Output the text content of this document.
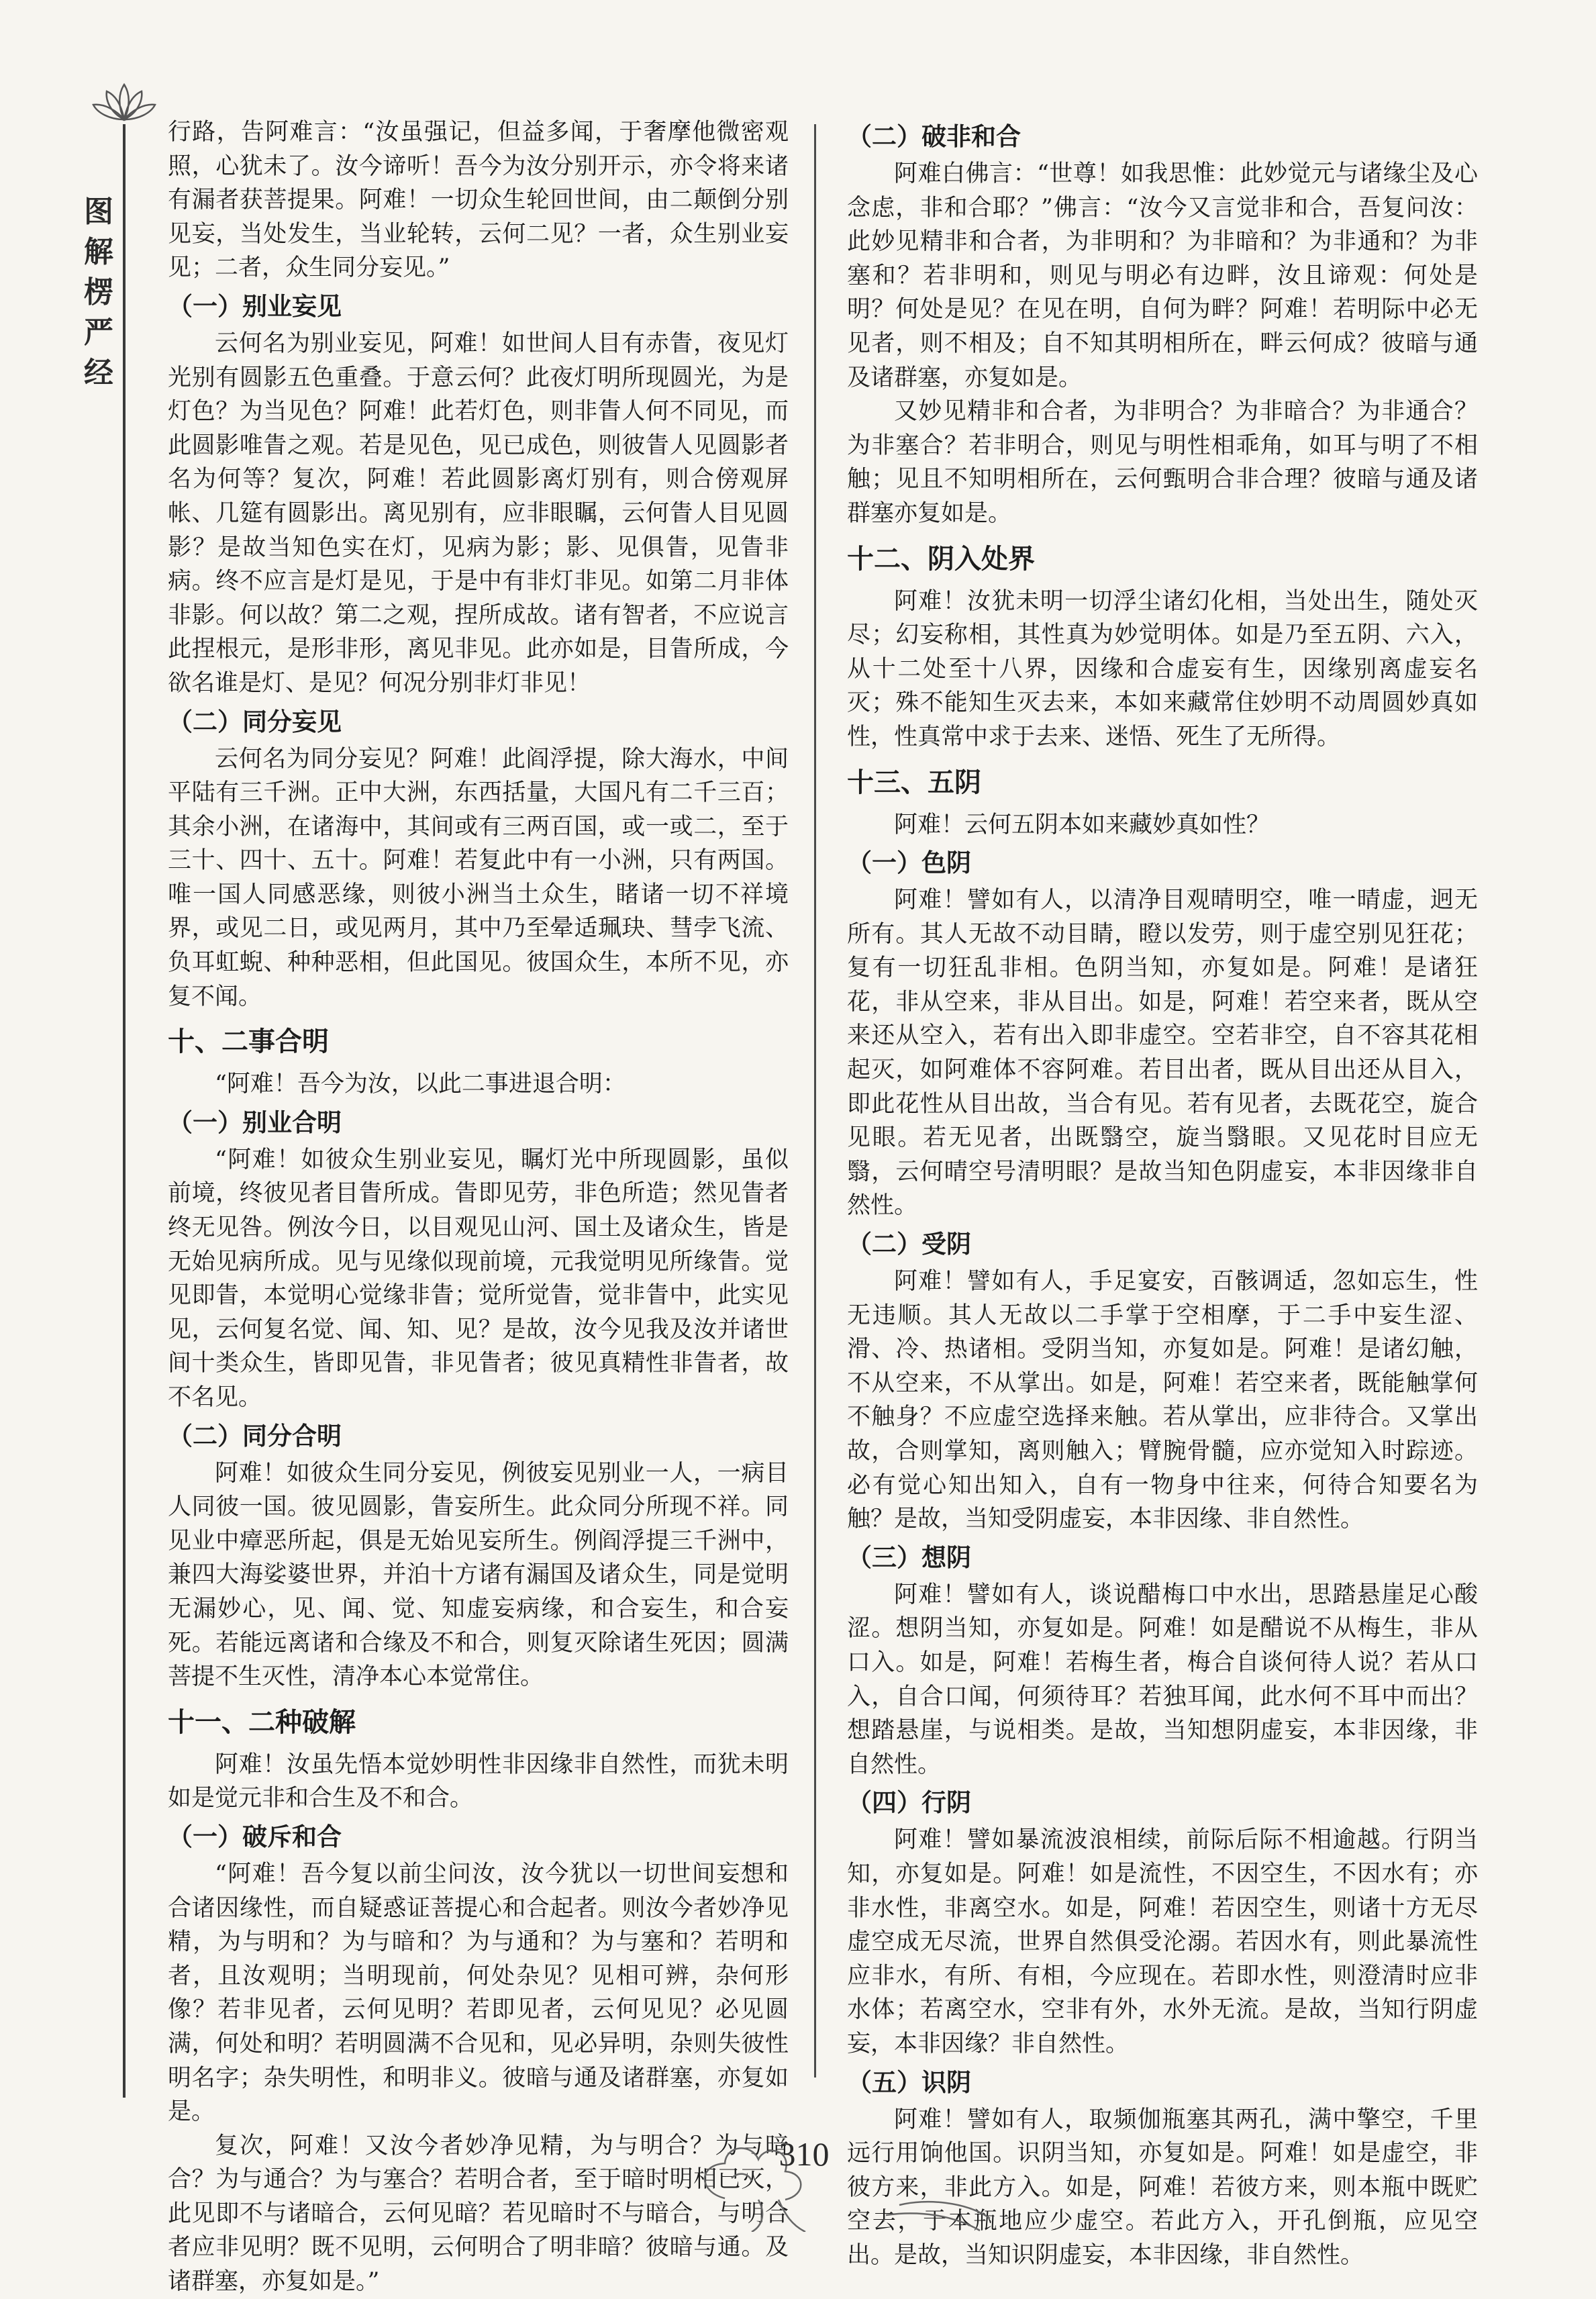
图解楞严经

行路，告阿难言：“汝虽强记，但益多闻，于奢摩他微密观照，心犹未了。汝今谛听！吾今为汝分别开示，亦令将来诸有漏者获菩提果。阿难！一切众生轮回世间，由二颠倒分别见妄，当处发生，当业轮转，云何二见？一者，众生别业妄见；二者，众生同分妄见。”

（一）别业妄见

云何名为别业妄见，阿难！如世间人目有赤眚，夜见灯光别有圆影五色重叠。于意云何？此夜灯明所现圆光，为是灯色？为当见色？阿难！此若灯色，则非眚人何不同见，而此圆影唯眚之观。若是见色，见已成色，则彼眚人见圆影者名为何等？复次，阿难！若此圆影离灯别有，则合傍观屏帐、几筵有圆影出。离见别有，应非眼瞩，云何眚人目见圆影？是故当知色实在灯，见病为影；影、见俱眚，见眚非病。终不应言是灯是见，于是中有非灯非见。如第二月非体非影。何以故？第二之观，捏所成故。诸有智者，不应说言此捏根元，是形非形，离见非见。此亦如是，目眚所成，今欲名谁是灯、是见？何况分别非灯非见！

（二）同分妄见

云何名为同分妄见？阿难！此阎浮提，除大海水，中间平陆有三千洲。正中大洲，东西括量，大国凡有二千三百；其余小洲，在诸海中，其间或有三两百国，或一或二，至于三十、四十、五十。阿难！若复此中有一小洲，只有两国。唯一国人同感恶缘，则彼小洲当土众生，睹诸一切不祥境界，或见二日，或见两月，其中乃至晕适珮玦、彗孛飞流、负耳虹蜺、种种恶相，但此国见。彼国众生，本所不见，亦复不闻。

十、二事合明

“阿难！吾今为汝，以此二事进退合明：

（一）别业合明

“阿难！如彼众生别业妄见，瞩灯光中所现圆影，虽似前境，终彼见者目眚所成。眚即见劳，非色所造；然见眚者终无见咎。例汝今日，以目观见山河、国土及诸众生，皆是无始见病所成。见与见缘似现前境，元我觉明见所缘眚。觉见即眚，本觉明心觉缘非眚；觉所觉眚，觉非眚中，此实见见，云何复名觉、闻、知、见？是故，汝今见我及汝并诸世间十类众生，皆即见眚，非见眚者；彼见真精性非眚者，故不名见。

（二）同分合明

阿难！如彼众生同分妄见，例彼妄见别业一人，一病目人同彼一国。彼见圆影，眚妄所生。此众同分所现不祥。同见业中瘴恶所起，俱是无始见妄所生。例阎浮提三千洲中，兼四大海娑婆世界，并泊十方诸有漏国及诸众生，同是觉明无漏妙心，见、闻、觉、知虚妄病缘，和合妄生，和合妄死。若能远离诸和合缘及不和合，则复灭除诸生死因；圆满菩提不生灭性，清净本心本觉常住。

十一、二种破解

阿难！汝虽先悟本觉妙明性非因缘非自然性，而犹未明如是觉元非和合生及不和合。

（一）破斥和合

“阿难！吾今复以前尘问汝，汝今犹以一切世间妄想和合诸因缘性，而自疑惑证菩提心和合起者。则汝今者妙净见精，为与明和？为与暗和？为与通和？为与塞和？若明和者，且汝观明；当明现前，何处杂见？见相可辨，杂何形像？若非见者，云何见明？若即见者，云何见见？必见圆满，何处和明？若明圆满不合见和，见必异明，杂则失彼性明名字；杂失明性，和明非义。彼暗与通及诸群塞，亦复如是。

复次，阿难！又汝今者妙净见精，为与明合？为与暗合？为与通合？为与塞合？若明合者，至于暗时明相已灭，此见即不与诸暗合，云何见暗？若见暗时不与暗合，与明合者应非见明？既不见明，云何明合了明非暗？彼暗与通。及诸群塞，亦复如是。”

（二）破非和合

阿难白佛言：“世尊！如我思惟：此妙觉元与诸缘尘及心念虑，非和合耶？”佛言：“汝今又言觉非和合，吾复问汝：此妙见精非和合者，为非明和？为非暗和？为非通和？为非塞和？若非明和，则见与明必有边畔，汝且谛观：何处是明？何处是见？在见在明，自何为畔？阿难！若明际中必无见者，则不相及；自不知其明相所在，畔云何成？彼暗与通及诸群塞，亦复如是。

又妙见精非和合者，为非明合？为非暗合？为非通合？为非塞合？若非明合，则见与明性相乖角，如耳与明了不相触；见且不知明相所在，云何甄明合非合理？彼暗与通及诸群塞亦复如是。

十二、阴入处界

阿难！汝犹未明一切浮尘诸幻化相，当处出生，随处灭尽；幻妄称相，其性真为妙觉明体。如是乃至五阴、六入，从十二处至十八界，因缘和合虚妄有生，因缘别离虚妄名灭；殊不能知生灭去来，本如来藏常住妙明不动周圆妙真如性，性真常中求于去来、迷悟、死生了无所得。

十三、五阴

阿难！云何五阴本如来藏妙真如性？

（一）色阴

阿难！譬如有人，以清净目观晴明空，唯一晴虚，迥无所有。其人无故不动目睛，瞪以发劳，则于虚空别见狂花；复有一切狂乱非相。色阴当知，亦复如是。阿难！是诸狂花，非从空来，非从目出。如是，阿难！若空来者，既从空来还从空入，若有出入即非虚空。空若非空，自不容其花相起灭，如阿难体不容阿难。若目出者，既从目出还从目入，即此花性从目出故，当合有见。若有见者，去既花空，旋合见眼。若无见者，出既翳空，旋当翳眼。又见花时目应无翳，云何晴空号清明眼？是故当知色阴虚妄，本非因缘非自然性。

（二）受阴

阿难！譬如有人，手足宴安，百骸调适，忽如忘生，性无违顺。其人无故以二手掌于空相摩，于二手中妄生涩、滑、冷、热诸相。受阴当知，亦复如是。阿难！是诸幻触，不从空来，不从掌出。如是，阿难！若空来者，既能触掌何不触身？不应虚空选择来触。若从掌出，应非待合。又掌出故，合则掌知，离则触入；臂腕骨髓，应亦觉知入时踪迹。必有觉心知出知入，自有一物身中往来，何待合知要名为触？是故，当知受阴虚妄，本非因缘、非自然性。

（三）想阴

阿难！譬如有人，谈说醋梅口中水出，思踏悬崖足心酸涩。想阴当知，亦复如是。阿难！如是醋说不从梅生，非从口入。如是，阿难！若梅生者，梅合自谈何待人说？若从口入，自合口闻，何须待耳？若独耳闻，此水何不耳中而出？想踏悬崖，与说相类。是故，当知想阴虚妄，本非因缘，非自然性。

（四）行阴

阿难！譬如暴流波浪相续，前际后际不相逾越。行阴当知，亦复如是。阿难！如是流性，不因空生，不因水有；亦非水性，非离空水。如是，阿难！若因空生，则诸十方无尽虚空成无尽流，世界自然俱受沦溺。若因水有，则此暴流性应非水，有所、有相，今应现在。若即水性，则澄清时应非水体；若离空水，空非有外，水外无流。是故，当知行阴虚妄，本非因缘？非自然性。

（五）识阴

阿难！譬如有人，取频伽瓶塞其两孔，满中擎空，千里远行用饷他国。识阴当知，亦复如是。阿难！如是虚空，非彼方来，非此方入。如是，阿难！若彼方来，则本瓶中既贮空去，于本瓶地应少虚空。若此方入，开孔倒瓶，应见空出。是故，当知识阴虚妄，本非因缘，非自然性。

310
